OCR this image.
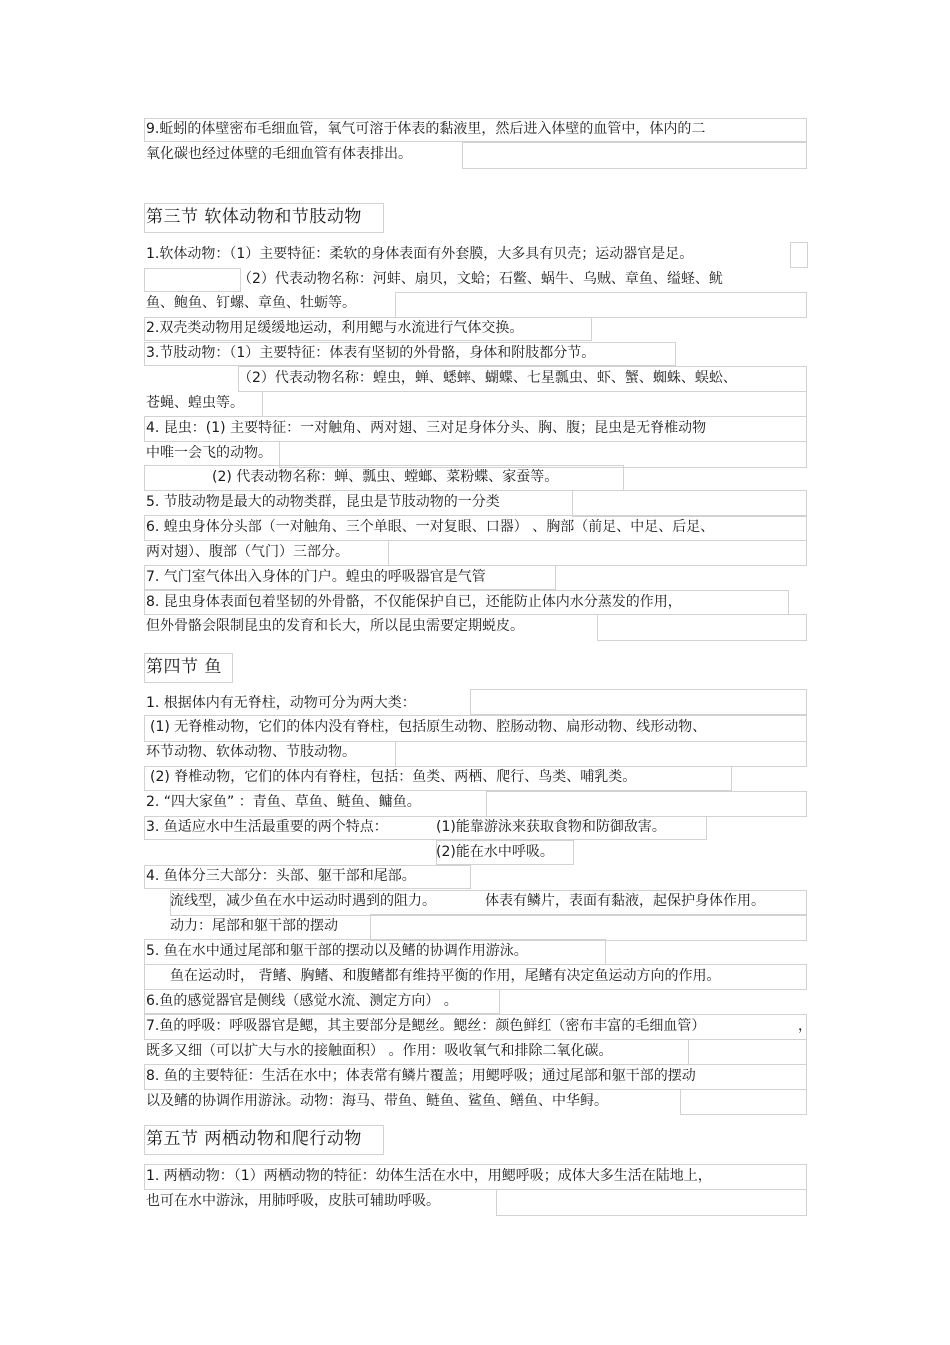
9.蚯蚓的体壁密布毛细血管，氧气可溶于体表的黏液里，然后进入体壁的血管中，体内的二
氧化碳也经过体壁的毛细血管有体表排出。
第三节 软体动物和节肢动物
1.软体动物：（1）主要特征：柔软的身体表面有外套膜，大多具有贝壳；运动器官是足。
（2）代表动物名称：河蚌、扇贝，文蛤；石鳖、蜗牛、乌贼、章鱼、缢蛏、鱿
鱼、鲍鱼、钉螺、章鱼、牡蛎等。
2.双壳类动物用足缓缓地运动，利用鳃与水流进行气体交换。
3.节肢动物：（1）主要特征：体表有坚韧的外骨骼，身体和附肢都分节。
（2）代表动物名称：蝗虫，蝉、蟋蟀、蝴蝶、七星瓢虫、虾、蟹、蜘蛛、蜈蚣、
苍蝇、蝗虫等。
4. 昆虫：(1) 主要特征：一对触角、两对翅、三对足身体分头、胸、腹；昆虫是无脊椎动物
中唯一会飞的动物。
(2) 代表动物名称：蝉、瓢虫、螳螂、菜粉蝶、家蚕等。
5. 节肢动物是最大的动物类群，昆虫是节肢动物的一分类
6. 蝗虫身体分头部（一对触角、三个单眼、一对复眼、口器） 、胸部（前足、中足、后足、
两对翅）、腹部（气门）三部分。
7. 气门室气体出入身体的门户。蝗虫的呼吸器官是气管
8. 昆虫身体表面包着坚韧的外骨骼，不仅能保护自已，还能防止体内水分蒸发的作用，
但外骨骼会限制昆虫的发育和长大，所以昆虫需要定期蜕皮。
第四节 鱼
1. 根据体内有无脊柱，动物可分为两大类：
(1) 无脊椎动物，它们的体内没有脊柱，包括原生动物、腔肠动物、扁形动物、线形动物、
环节动物、软体动物、节肢动物。
(2) 脊椎动物，它们的体内有脊柱，包括：鱼类、两栖、爬行、鸟类、哺乳类。
2. “四大家鱼” ：青鱼、草鱼、鲢鱼、鳙鱼。
3. 鱼适应水中生活最重要的两个特点：	(1)能靠游泳来获取食物和防御敌害。
(2)能在水中呼吸。
4. 鱼体分三大部分：头部、躯干部和尾部。
流线型，减少鱼在水中运动时遇到的阻力。	体表有鳞片，表面有黏液，起保护身体作用。
动力：尾部和躯干部的摆动
5. 鱼在水中通过尾部和躯干部的摆动以及鳍的协调作用游泳。
鱼在运动时， 背鳍、胸鳍、和腹鳍都有维持平衡的作用，尾鳍有决定鱼运动方向的作用。
6.鱼的感觉器官是侧线（感觉水流、测定方向） 。
7.鱼的呼吸：呼吸器官是鳃，其主要部分是鳃丝。鳃丝：颜色鲜红（密布丰富的毛细血管）	，
既多又细（可以扩大与水的接触面积） 。作用：吸收氧气和排除二氧化碳。
8. 鱼的主要特征：生活在水中；体表常有鳞片覆盖；用鳃呼吸；通过尾部和躯干部的摆动
以及鳍的协调作用游泳。动物：海马、带鱼、鲢鱼、鲨鱼、鳝鱼、中华鲟。
第五节 两栖动物和爬行动物
1. 两栖动物：（1）两栖动物的特征：幼体生活在水中，用鳃呼吸；成体大多生活在陆地上，
也可在水中游泳，用肺呼吸，皮肤可辅助呼吸。
